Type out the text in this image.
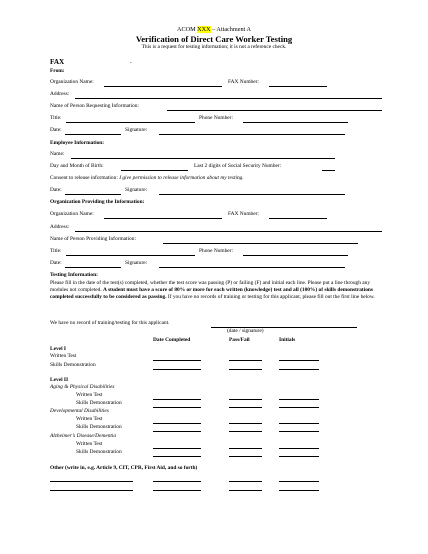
ACOM XXX – Attachment A
Verification of Direct Care Worker Testing
This is a request for testing information; it is not a reference check.
FAX	.
From:
Organization Name:	FAX Number:
Address:
Name of Person Requesting Information:
Title:	Phone Number:
Date:	Signature:
Employee Information:
Name:
Day and Month of Birth:	Last 2 digits of Social Security Number:
Consent to release information: I give permission to release information about my testing.
Date:	Signature:
Organization Providing the Information:
Organization Name:	FAX Number:
Address:
Name of Person Providing Information:
Title:	Phone Number:
Date:	Signature:
Testing Information:
Please fill in the date of the test(s) completed, whether the test score was passing (P) or failing (F) and initial each line. Please put a line through any modules not completed. A student must have a score of 80% or more for each written (knowledge) test and all (100%) of skills demonstrations completed successfully to be considered as passing. If you have no records of training or testing for this applicant, please fill out the first line below.
We have no record of training/testing for this applicant.
(date / signature)
Date Completed	Pass/Fail	Initials
Level I
Written Test
Skills Demonstration
Level II
Aging & Physical Disabilities
Written Test
Skills Demonstration
Developmental Disabilities
Written Test
Skills Demonstration
Alzheimer’s Disease/Dementia
Written Test
Skills Demonstration
Other (write in, e.g. Article 9, CIT, CPR, First Aid, and so forth)
